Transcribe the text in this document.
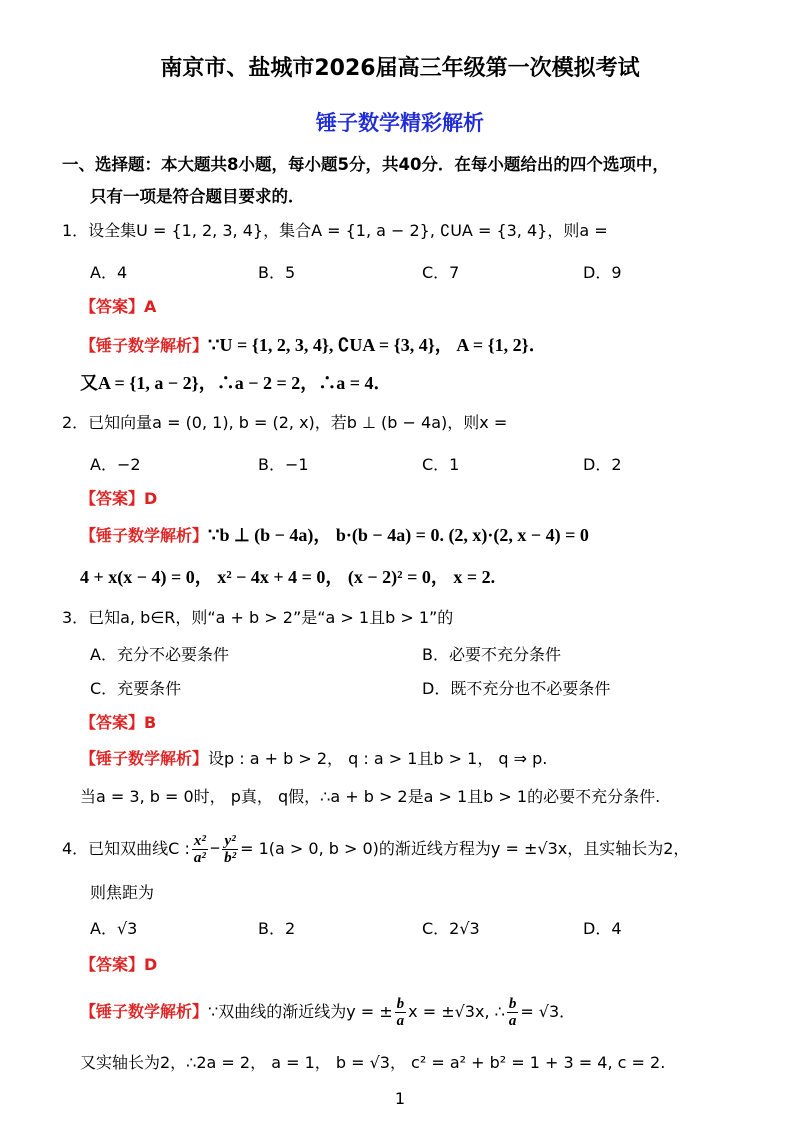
南京市、盐城市2026届高三年级第一次模拟考试
锤子数学精彩解析
一、选择题：本大题共8小题，每小题5分，共40分．在每小题给出的四个选项中，
只有一项是符合题目要求的．
1．设全集U = {1, 2, 3, 4}，集合A = {1, a − 2}, ∁UA = {3, 4}，则a =
A．4	B．5	C．7	D．9
【答案】A
【锤子数学解析】∵U = {1, 2, 3, 4}, ∁UA = {3, 4}， A = {1, 2}．
又A = {1, a − 2}，∴a − 2 = 2，∴a = 4．
2．已知向量a = (0, 1), b = (2, x)，若b ⊥ (b − 4a)，则x =
A．−2	B．−1	C．1	D．2
【答案】D
【锤子数学解析】∵b ⊥ (b − 4a)， b·(b − 4a) = 0. (2, x)·(2, x − 4) = 0
4 + x(x − 4) = 0， x² − 4x + 4 = 0， (x − 2)² = 0， x = 2.
3．已知a, b∈R，则“a + b > 2”是“a > 1且b > 1”的
A．充分不必要条件	B．必要不充分条件
C．充要条件	D．既不充分也不必要条件
【答案】B
【锤子数学解析】设p : a + b > 2， q : a > 1且b > 1， q ⇒ p.
当a = 3, b = 0时， p真， q假，∴a + b > 2是a > 1且b > 1的必要不充分条件.
4．已知双曲线C : $\frac{\text{x²}}{\text{a²}} - \frac{\text{y²}}{\text{b²}} = 1(a > 0$, b > 0)的渐近线方程为y = ±√3x，且实轴长为2，
则焦距为
A．√3	B．2	C．2√3	D．4
【答案】D
【锤子数学解析】∵双曲线的渐近线为y = ± $\frac{b}{a}$ x = ±√3x, ∴ $\frac{b}{a} = √3$．
又实轴长为2，∴2a = 2， a = 1， b = √3， c² = a² + b² = 1 + 3 = 4, c = 2.
1
